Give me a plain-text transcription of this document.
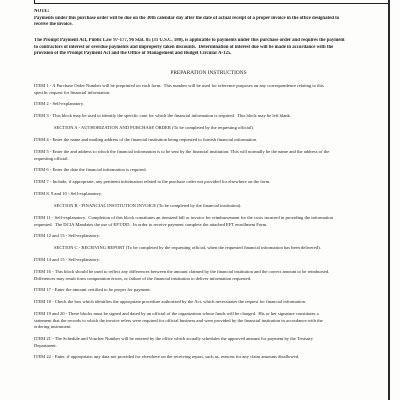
NOTE:
Payments under this purchase order will be due on the 30th calendar day after the date of actual receipt of a proper invoice in the office designated to
receive the invoice.
The Prompt Payment Act, Public Law 97-177, 96 Stat. 85 (31 U.S.C. 180), is applicable to payments under this purchase order and requires the payment
to contractors of interest or overdue payments and improperly taken discounts.  Determination of interest due will be made in accordance with the
provision of the Prompt Payment Act and the Office of Management and Budget Circular A-125.
PREPARATION INSTRUCTIONS
ITEM 1 - A Purchase Order Number will be preprinted on each form.  This number will be used for reference purposes on any correspondence relating to this
specific request for financial information.
ITEM 2 - Self-explanatory.
ITEM 3 - This block may be used to identify the specific case for which the financial information is required.  This block may be left blank.
SECTION A - AUTHORIZATION AND PURCHASE ORDER (To be completed by the requesting official).
ITEM 4 - Enter the name and mailing address of the financial institution being requested to furnish financial information.
ITEM 5 - Enter the and address to which the financial information is to be sent by the financial institution. This will normally be the name and the address of the
requesting official.
ITEM 6 - Enter the date the financial information is required.
ITEM 7 - Include, if appropriate, any pertinent information related to the purchase order not provided for elsewhere on the form.
ITEM 8, 9 and 10 - Self-explanatory.
SECTION B - FINANCIAL INSTITUTION INVOICE (To be completed by the financial institution).
ITEM 11 - Self-explanatory.  Completion of this block constitutes an itemized bill or invoice for reimbursement for the costs incurred in providing the information
requested.  The DCIA Mandates the use of EFT/DD.  In order to receive payment complete the attached EFT enrollment Form.
ITEM 12 and 13 - Self-explanatory.
SECTION C - RECEIVING REPORT (To be completed by the requesting official, when the requested financial information has been delivered).
ITEM 14 and 15 - Self-explanatory.
ITEM 16 - This block should be used to reflect any differences between the amount claimed by the financial institution and the correct amount to be reimbursed.
Differences may result form computation errors, or failure of the financial institution to deliver information requested.
ITEM 17 - Enter the amount certified to be proper for payment.
ITEM 18 - Check the box which identifies the appropriate procedure authorized by the Act, which necessitates the request for financial information.
ITEM 19 and 20 - These blocks must be signed and dated by an official of the organization whose funds will be charged.  His or her signature constitutes a
statement that the records to which the invoice refers were required for official business and were provided by the financial institution in accordance with the
ordering instrument.
ITEM 21 - The Schedule and Voucher Number will be entered by the office which actually schedules the approved amount for payment by the Treasury
Department.
ITEM 22 - Enter, if appropriate, any data not provided for elsewhere on the receiving report, such as, reasons for any claim amounts disallowed.
